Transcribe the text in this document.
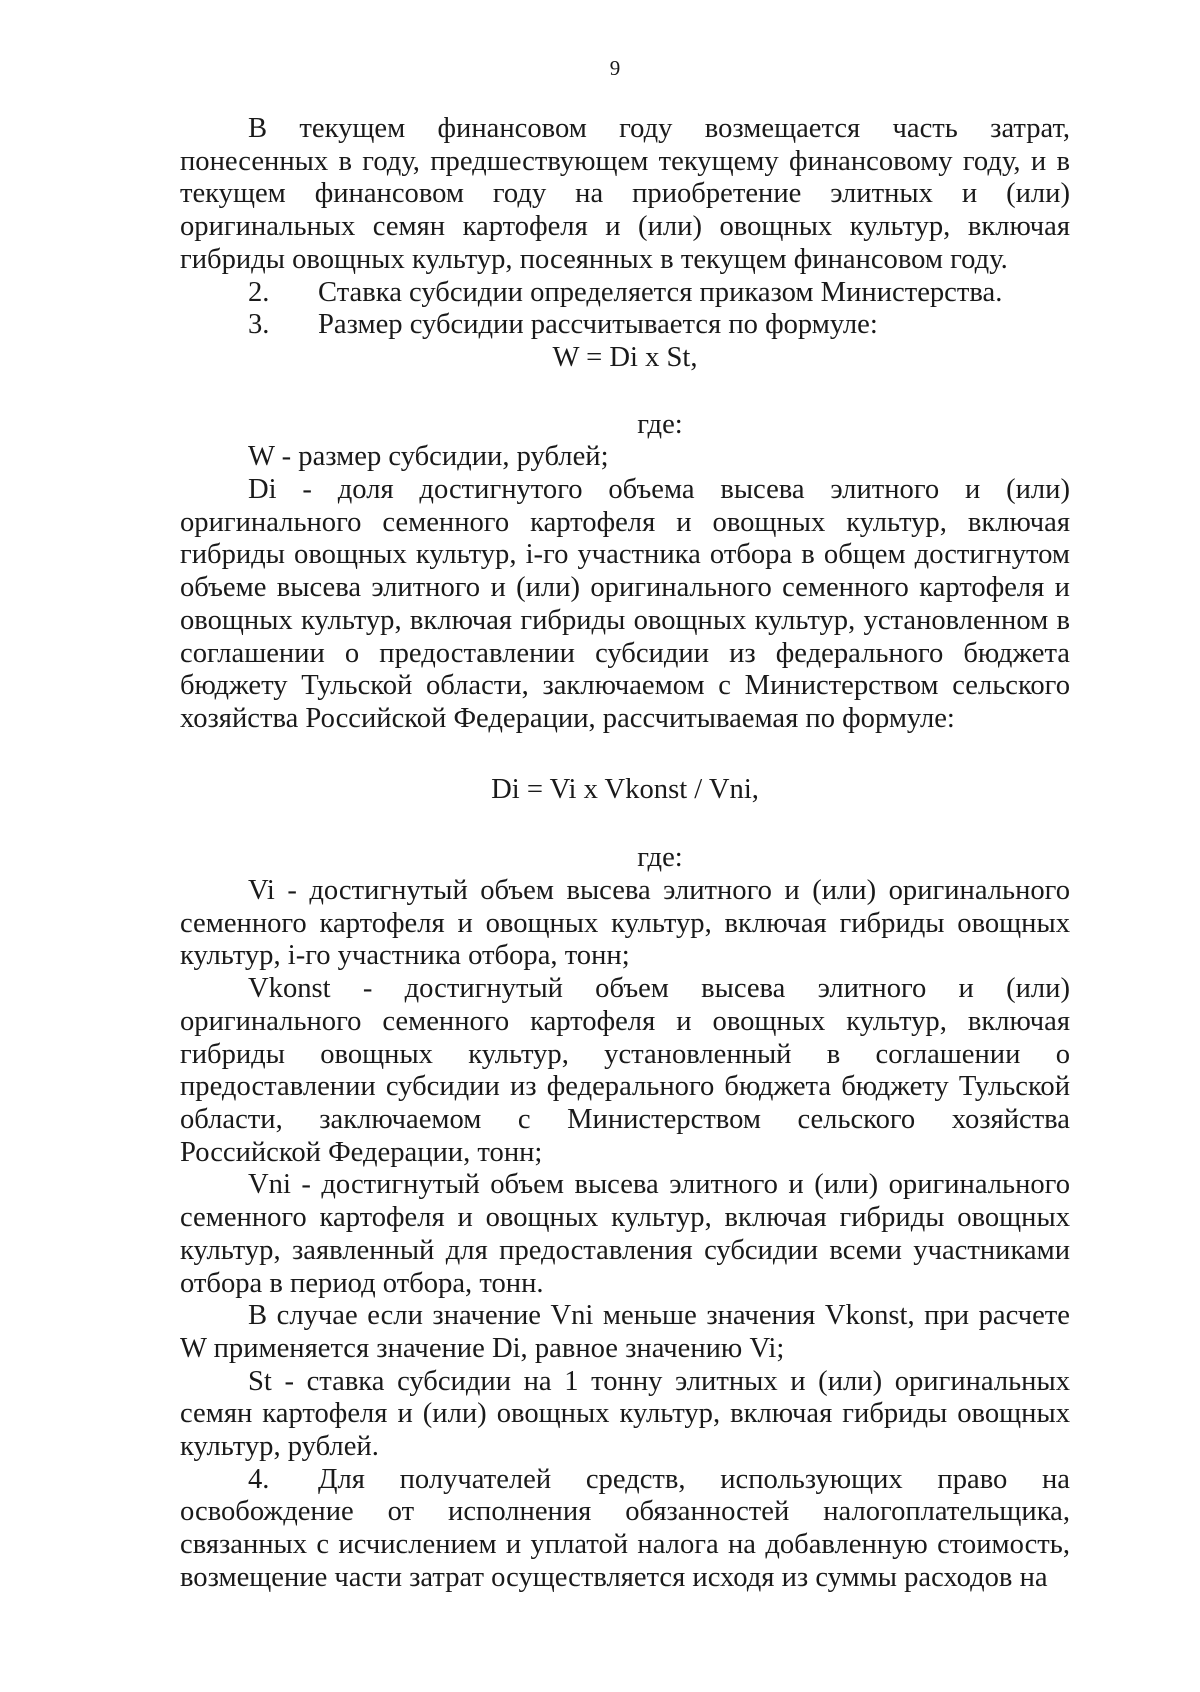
9

В текущем финансовом году возмещается часть затрат, понесенных в году, предшествующем текущему финансовому году, и в текущем финансовом году на приобретение элитных и (или) оригинальных семян картофеля и (или) овощных культур, включая гибриды овощных культур, посеянных в текущем финансовом году.

2. Ставка субсидии определяется приказом Министерства.

3. Размер субсидии рассчитывается по формуле:

W = Di x St,

где:

W - размер субсидии, рублей;

Di - доля достигнутого объема высева элитного и (или) оригинального семенного картофеля и овощных культур, включая гибриды овощных культур, i-го участника отбора в общем достигнутом объеме высева элитного и (или) оригинального семенного картофеля и овощных культур, включая гибриды овощных культур, установленном в соглашении о предоставлении субсидии из федерального бюджета бюджету Тульской области, заключаемом с Министерством сельского хозяйства Российской Федерации, рассчитываемая по формуле:

Di = Vi x Vkonst / Vni,

где:

Vi - достигнутый объем высева элитного и (или) оригинального семенного картофеля и овощных культур, включая гибриды овощных культур, i-го участника отбора, тонн;

Vkonst - достигнутый объем высева элитного и (или) оригинального семенного картофеля и овощных культур, включая гибриды овощных культур, установленный в соглашении о предоставлении субсидии из федерального бюджета бюджету Тульской области, заключаемом с Министерством сельского хозяйства Российской Федерации, тонн;

Vni - достигнутый объем высева элитного и (или) оригинального семенного картофеля и овощных культур, включая гибриды овощных культур, заявленный для предоставления субсидии всеми участниками отбора в период отбора, тонн.

В случае если значение Vni меньше значения Vkonst, при расчете W применяется значение Di, равное значению Vi;

St - ставка субсидии на 1 тонну элитных и (или) оригинальных семян картофеля и (или) овощных культур, включая гибриды овощных культур, рублей.

4. Для получателей средств, использующих право на освобождение от исполнения обязанностей налогоплательщика, связанных с исчислением и уплатой налога на добавленную стоимость, возмещение части затрат осуществляется исходя из суммы расходов на
